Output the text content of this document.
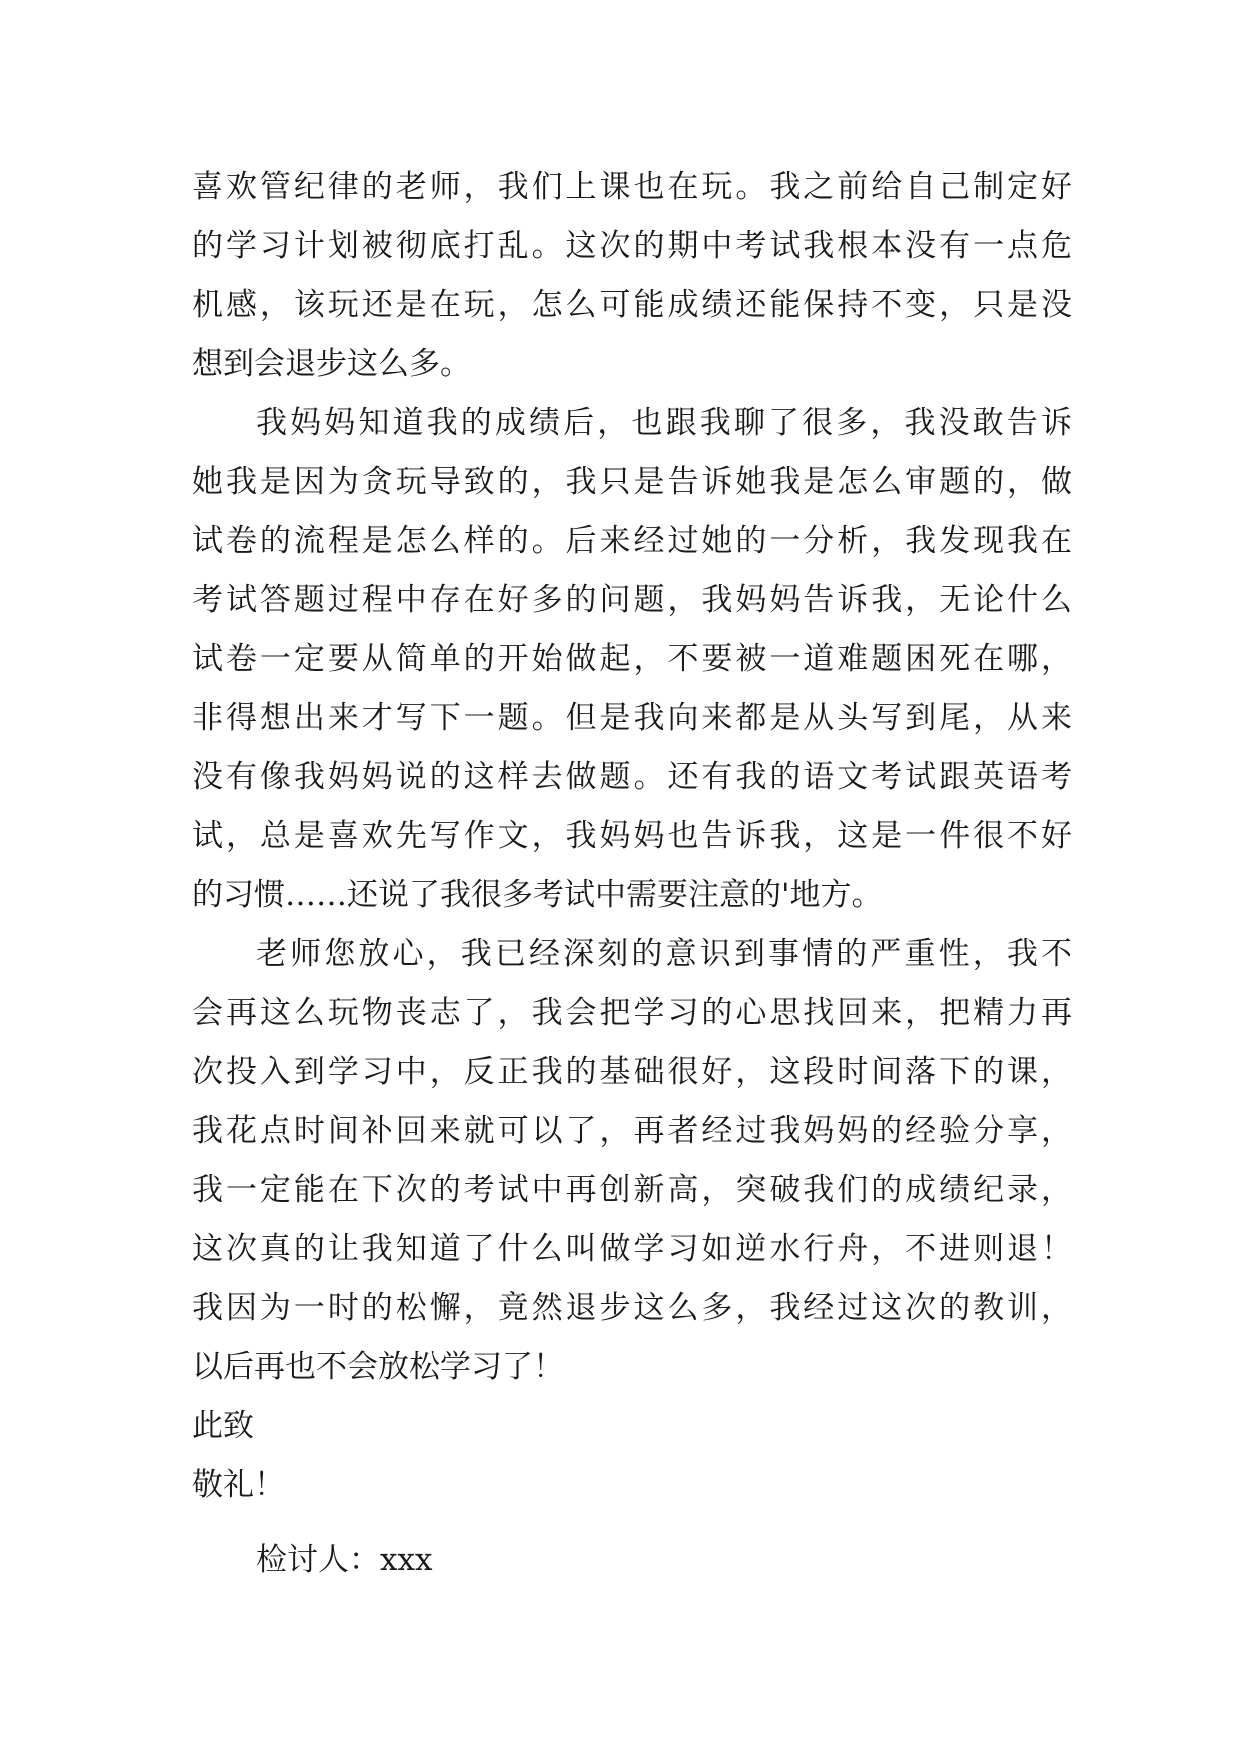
喜欢管纪律的老师，我们上课也在玩。我之前给自己制定好
的学习计划被彻底打乱。这次的期中考试我根本没有一点危
机感，该玩还是在玩，怎么可能成绩还能保持不变，只是没
想到会退步这么多。
我妈妈知道我的成绩后，也跟我聊了很多，我没敢告诉
她我是因为贪玩导致的，我只是告诉她我是怎么审题的，做
试卷的流程是怎么样的。后来经过她的一分析，我发现我在
考试答题过程中存在好多的问题，我妈妈告诉我，无论什么
试卷一定要从简单的开始做起，不要被一道难题困死在哪，
非得想出来才写下一题。但是我向来都是从头写到尾，从来
没有像我妈妈说的这样去做题。还有我的语文考试跟英语考
试，总是喜欢先写作文，我妈妈也告诉我，这是一件很不好
的习惯……还说了我很多考试中需要注意的'地方。
老师您放心，我已经深刻的意识到事情的严重性，我不
会再这么玩物丧志了，我会把学习的心思找回来，把精力再
次投入到学习中，反正我的基础很好，这段时间落下的课，
我花点时间补回来就可以了，再者经过我妈妈的经验分享，
我一定能在下次的考试中再创新高，突破我们的成绩纪录，
这次真的让我知道了什么叫做学习如逆水行舟，不进则退！
我因为一时的松懈，竟然退步这么多，我经过这次的教训，
以后再也不会放松学习了！
此致
敬礼！
检讨人：xxx
